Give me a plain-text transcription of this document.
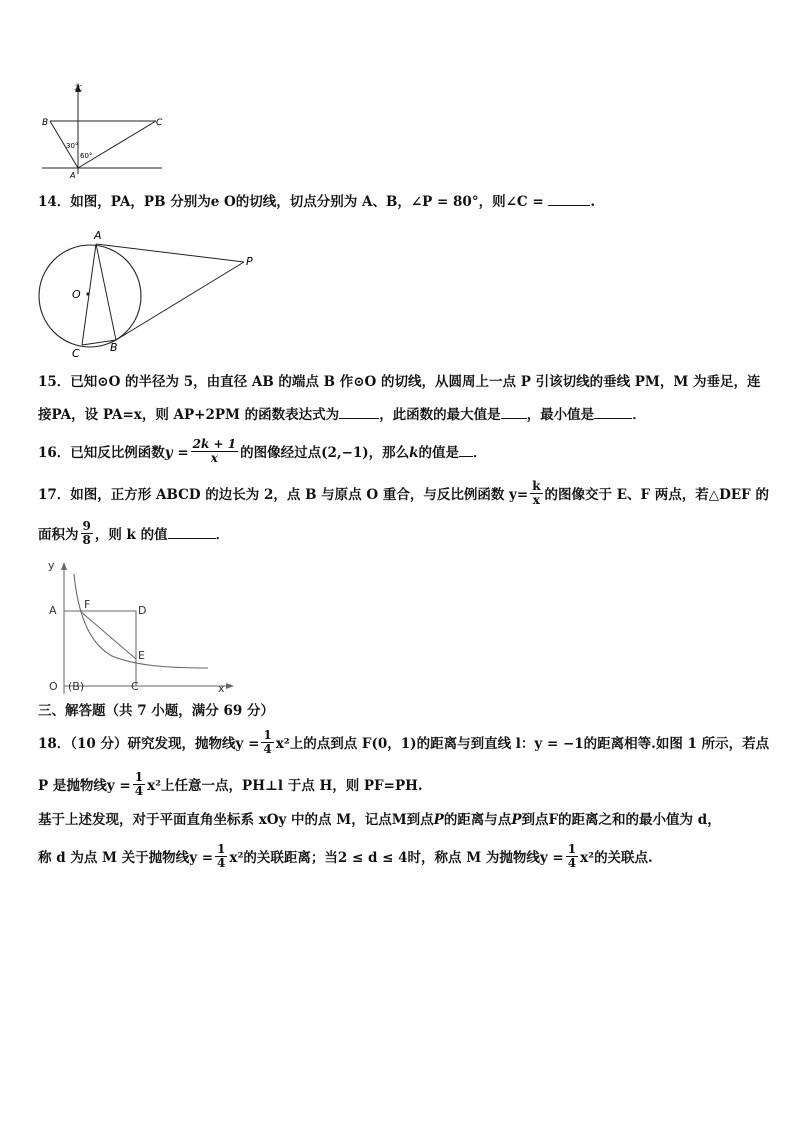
北
B	C
A
30°
60°
14．如图，PA，PB 分别为e O的切线，切点分别为 A、B，∠P = 80°，则∠C =	.
A
P
O
C	B
15．已知⊙O 的半径为 5，由直径 AB 的端点 B 作⊙O 的切线，从圆周上一点 P 引该切线的垂线 PM，M 为垂足，连
接PA，设 PA=x，则 AP+2PM 的函数表达式为	，此函数的最大值是 ，最小值是	．
16．已知反比例函数$y = \frac{2k + 1}{x}$ 的图像经过点(2,−1)，那么k的值是 ．
17．如图，正方形 ABCD 的边长为 2，点 B 与原点 O 重合，与反比例函数 $y= \frac{k}{x}$ 的图像交于 E、F 两点，若△DEF 的
面积为 $\frac{9}{8}$ ，则 k 的值	．
y
x
A F	D
E
O (B)	C
三、解答题（共 7 小题，满分 69 分）
18．（10 分）研究发现，抛物线$y = \frac{1}{4} x^2$上的点到点 F(0，1)的距离与到直线 l：y = −1的距离相等.如图 1 所示，若点
P 是抛物线$y = \frac{1}{4} x^2$上任意一点，PH⊥l 于点 H，则 PF=PH.
基于上述发现，对于平面直角坐标系 xOy 中的点 M，记点M到点P的距离与点P到点F的距离之和的最小值为 d，
称 d 为点 M 关于抛物线$y = \frac{1}{4} x^2$的关联距离；当2 ≤ d ≤ 4时，称点 M 为抛物线$y = \frac{1}{4} x^2$的关联点.
